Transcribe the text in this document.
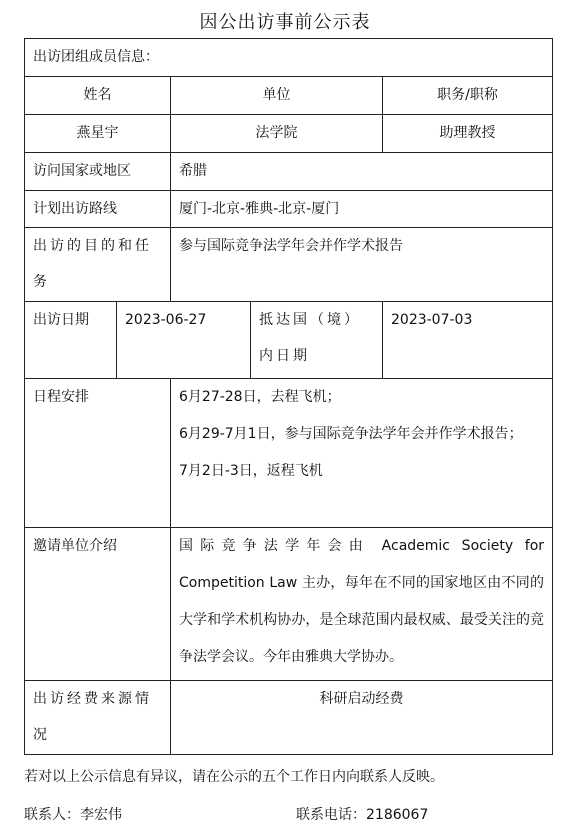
因公出访事前公示表
出访团组成员信息：				
姓名		单位		职务/职称
燕星宇		法学院		助理教授
访问国家或地区		希腊		
计划出访路线		厦门-北京-雅典-北京-厦门		
出访的目的和任务		参与国际竞争法学年会并作学术报告		
出访日期	2023-06-27		抵达国（境）内日期	2023-07-03
日程安排		6月27-28日，去程飞机；
6月29-7月1日，参与国际竞争法学年会并作学术报告；
7月2日-3日，返程飞机		

邀请单位介绍		国际竞争法学年会由 Academic Society for Competition Law 主办，每年在不同的国家地区由不同的大学和学术机构协办，是全球范围内最权威、最受关注的竞争法学会议。今年由雅典大学协办。		
出访经费来源情况		科研启动经费		
若对以上公示信息有异议，请在公示的五个工作日内向联系人反映。
联系人：李宏伟	联系电话：2186067
